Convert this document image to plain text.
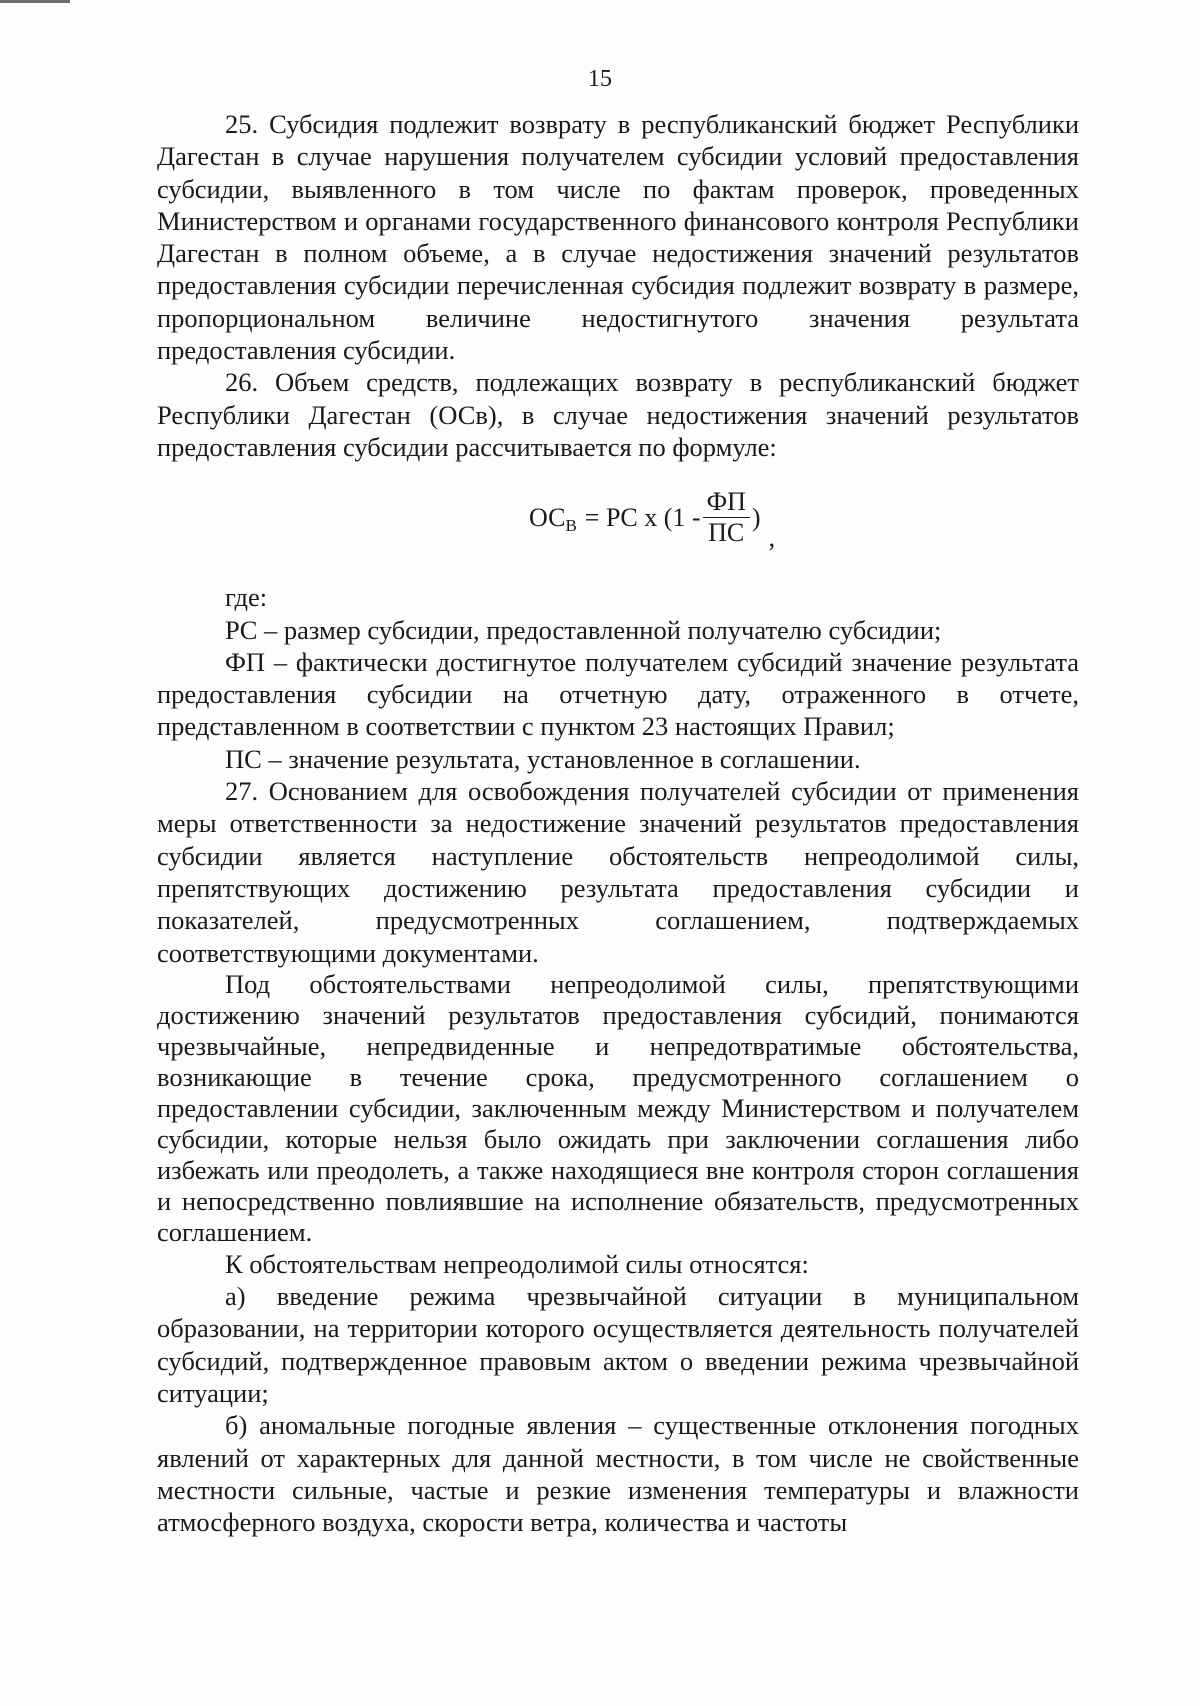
15

25. Субсидия подлежит возврату в республиканский бюджет Республики Дагестан в случае нарушения получателем субсидии условий предоставления субсидии, выявленного в том числе по фактам проверок, проведенных Министерством и органами государственного финансового контроля Республики Дагестан в полном объеме, а в случае недостижения значений результатов предоставления субсидии перечисленная субсидия подлежит возврату в размере, пропорциональном величине недостигнутого значения результата предоставления субсидии.

26. Объем средств, подлежащих возврату в республиканский бюджет Республики Дагестан (ОСв), в случае недостижения значений результатов предоставления субсидии рассчитывается по формуле:

ОС В = PC x ($1 - \frac{ФП}{ПС}$ )
,

где:

PC – размер субсидии, предоставленной получателю субсидии;

ФП – фактически достигнутое получателем субсидий значение результата предоставления субсидии на отчетную дату, отраженного в отчете, представленном в соответствии с пунктом 23 настоящих Правил;

ПС – значение результата, установленное в соглашении.

27. Основанием для освобождения получателей субсидии от применения меры ответственности за недостижение значений результатов предоставления субсидии является наступление обстоятельств непреодолимой силы, препятствующих достижению результата предоставления субсидии и показателей, предусмотренных соглашением, подтверждаемых соответствующими документами.

Под обстоятельствами непреодолимой силы, препятствующими достижению значений результатов предоставления субсидий, понимаются чрезвычайные, непредвиденные и непредотвратимые обстоятельства, возникающие в течение срока, предусмотренного соглашением о предоставлении субсидии, заключенным между Министерством и получателем субсидии, которые нельзя было ожидать при заключении соглашения либо избежать или преодолеть, а также находящиеся вне контроля сторон соглашения и непосредственно повлиявшие на исполнение обязательств, предусмотренных соглашением.

К обстоятельствам непреодолимой силы относятся:

а) введение режима чрезвычайной ситуации в муниципальном образовании, на территории которого осуществляется деятельность получателей субсидий, подтвержденное правовым актом о введении режима чрезвычайной ситуации;

б) аномальные погодные явления – существенные отклонения погодных явлений от характерных для данной местности, в том числе не свойственные местности сильные, частые и резкие изменения температуры и влажности атмосферного воздуха, скорости ветра, количества и частоты
